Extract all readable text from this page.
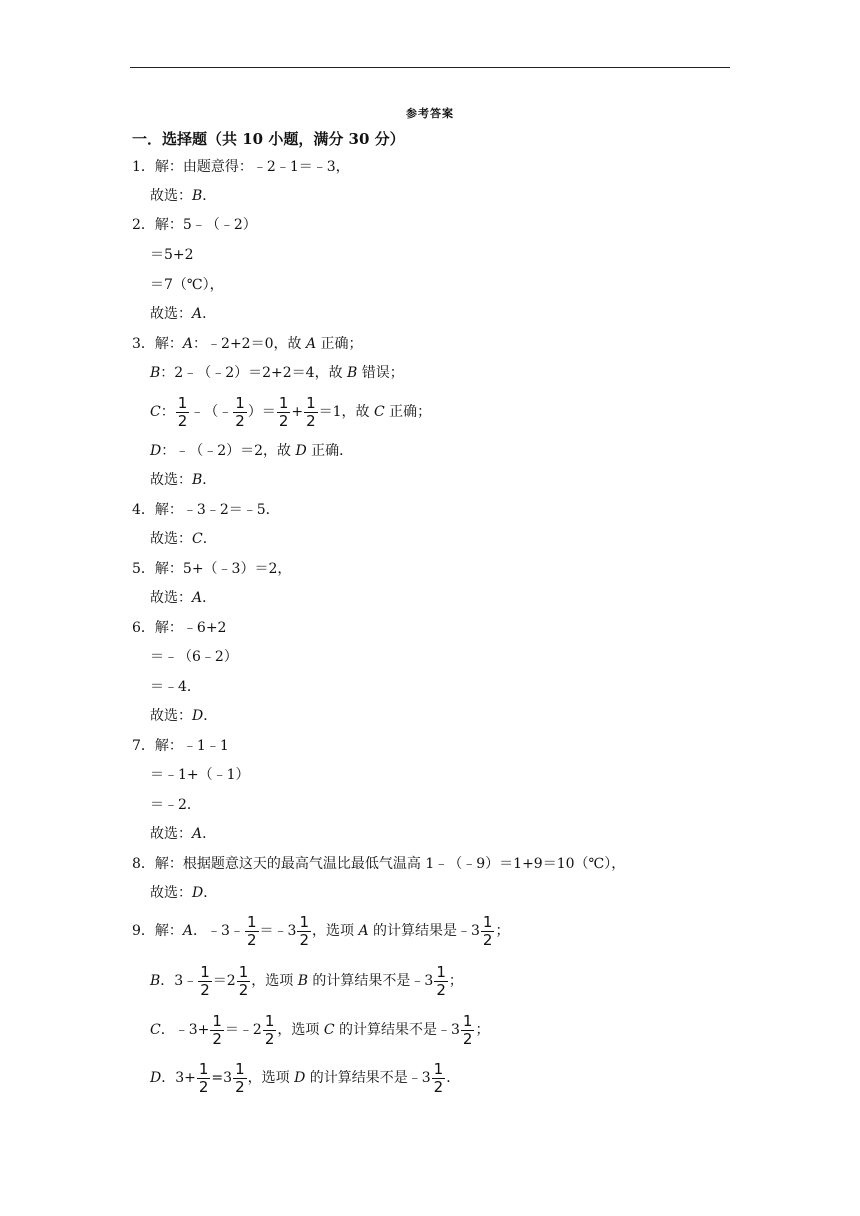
参考答案
一．选择题（共 10 小题，满分 30 分）
1．解：由题意得：﹣2﹣1＝﹣3，
故选：B．
2．解：5﹣（﹣2）
＝5+2
＝7（℃），
故选：A．
3．解：A：﹣2+2＝0，故 A 正确；
B：2﹣（﹣2）＝2+2＝4，故 B 错误；
C： $\frac{1}{2}$ ﹣（﹣ $\frac{1}{2}$ ）＝ $\frac{1}{2} + \frac{1}{2} =1$，故 C 正确；
D：﹣（﹣2）＝2，故 D 正确．
故选：B．
4．解：﹣3﹣2＝﹣5．
故选：C．
5．解：5+（﹣3）＝2，
故选：A．
6．解：﹣6+2
＝﹣（6﹣2）
＝﹣4．
故选：D．
7．解：﹣1﹣1
＝﹣1+（﹣1）
＝﹣2．
故选：A．
8．解：根据题意这天的最高气温比最低气温高 1﹣（﹣9）＝1+9＝10（℃），
故选：D．
9．解：A．﹣3﹣ $\frac{1}{2}$ ＝﹣3 $\frac{1}{2}$ ，选项 A 的计算结果是﹣3 $\frac{1}{2}$ ；
B．3﹣ $\frac{1}{2} =2 \frac{1}{2}$ ，选项 B 的计算结果不是﹣3 $\frac{1}{2}$ ；
C．﹣3+ $\frac{1}{2}$ ＝﹣2 $\frac{1}{2}$ ，选项 C 的计算结果不是﹣3 $\frac{1}{2}$ ；
D．$3+ \frac{1}{2} =3 \frac{1}{2}$ ，选项 D 的计算结果不是﹣3 $\frac{1}{2}$ ．
